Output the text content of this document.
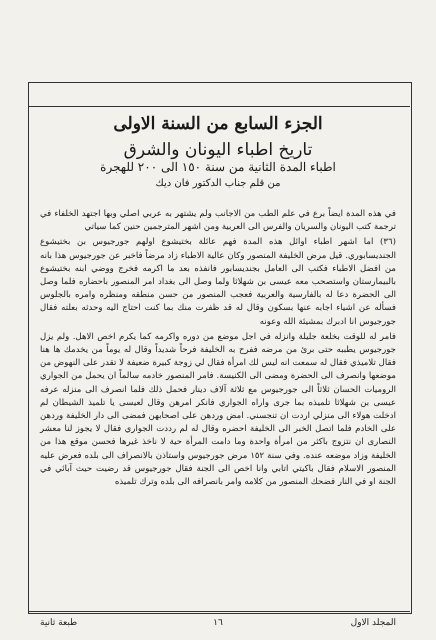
الجزء السابع من السنة الاولى
تاريخ اطباء اليونان والشرق
اطباء المدة الثانية من سنة ١٥٠ الى ٢٠٠ للهجرة
من قلم جناب الدكتور فان ديك

في هذه المدة ايضاً برع في علم الطب من الاجانب ولم يشتهر به عربي اصلي وبها اجتهد الخلفاء في ترجمة كتب اليونان والسريان والفرس الى العربية ومن اشهر المترجمين حنين كما سياتي

(٣٦) اما اشهر اطباء اوائل هذه المدة فهم عائلة بختيشوع اولهم جورجيوس بن بختيشوع الجنديسابوري. قيل مرض الخليفة المنصور وكان عالية الاطباء زاد مرضاً فاخبر عن جورجيوس هذا بانه من افضل الاطباء فكتب الى العامل بجنديسابور فانفذه بعد ما اكرمه فخرج ووضي ابنه بختيشوع بالبيمارستان واستصحب معه عيسى بن شهلاثا ولما وصل الى بغداد امر المنصور باحضاره فلما وصل الى الحضرة دعا له بالفارسية والعربية فعجب المنصور من حسن منطقه ومنظره وامره بالجلوس فسأله عن اشياء اجابه عنها بسكون وقال له قد ظفرت منك بما كنت احتاج اليه وحدثه بعلته فقال جورجيوس انا ادبرك بمشيئة الله وعونه

فامر له للوقت بخلعة جليلة وانزله في اجل موضع من دوره واكرمه كما يكرم اخص الاهل. ولم يزل جورجيوس يطببه حتى برئ من مرضه ففرح به الخليفة فرحاً شديداً وقال له يوماً من يخدمك ها هنا فقال تلاميذي فقال له سمعت انه ليس لك امرأة فقال لي زوجة كبيرة ضعيفة لا تقدر على النهوض من موضعها وانصرف الى الحضرة ومضى الى الكنيسة. فامر المنصور خادمه سالماً ان يحمل من الجواري الروميات الحسان ثلاثاً الى جورجيوس مع ثلاثة آلاف دينار فحمل ذلك فلما انصرف الى منزله عرفه عيسى بن شهلاثا تلميذه بما جرى واراه الجواري فانكر امرهن وقال لعيسى يا تلميذ الشيطان لم ادخلت هولاء الى منزلي اردت ان تنجسني. امض وردهن على اصحابهن فمضى الى دار الخليفة وردهن على الخادم فلما اتصل الخبر الى الخليفة احضره وقال له لم رددت الجواري فقال لا يجوز لنا معشر النصارى ان نتزوج باكثر من امرأة واحدة وما دامت المرأة حية لا ناخذ غيرها فحسن موقع هذا من الخليفة وزاد موضعه عنده. وفي سنة ١٥٢ مرض جورجيوس واستاذن بالانصراف الى بلده فعرض عليه المنصور الاسلام فقال باكيتي اتابي وانا اخص الى الجنة فقال جورجيوس قد رضيت حيث آبائي في الجنة او في النار فضحك المنصور من كلامه وامر بانصرافه الى بلده وترك تلميذه

طبعة ثانية	١٦	المجلد الاول
